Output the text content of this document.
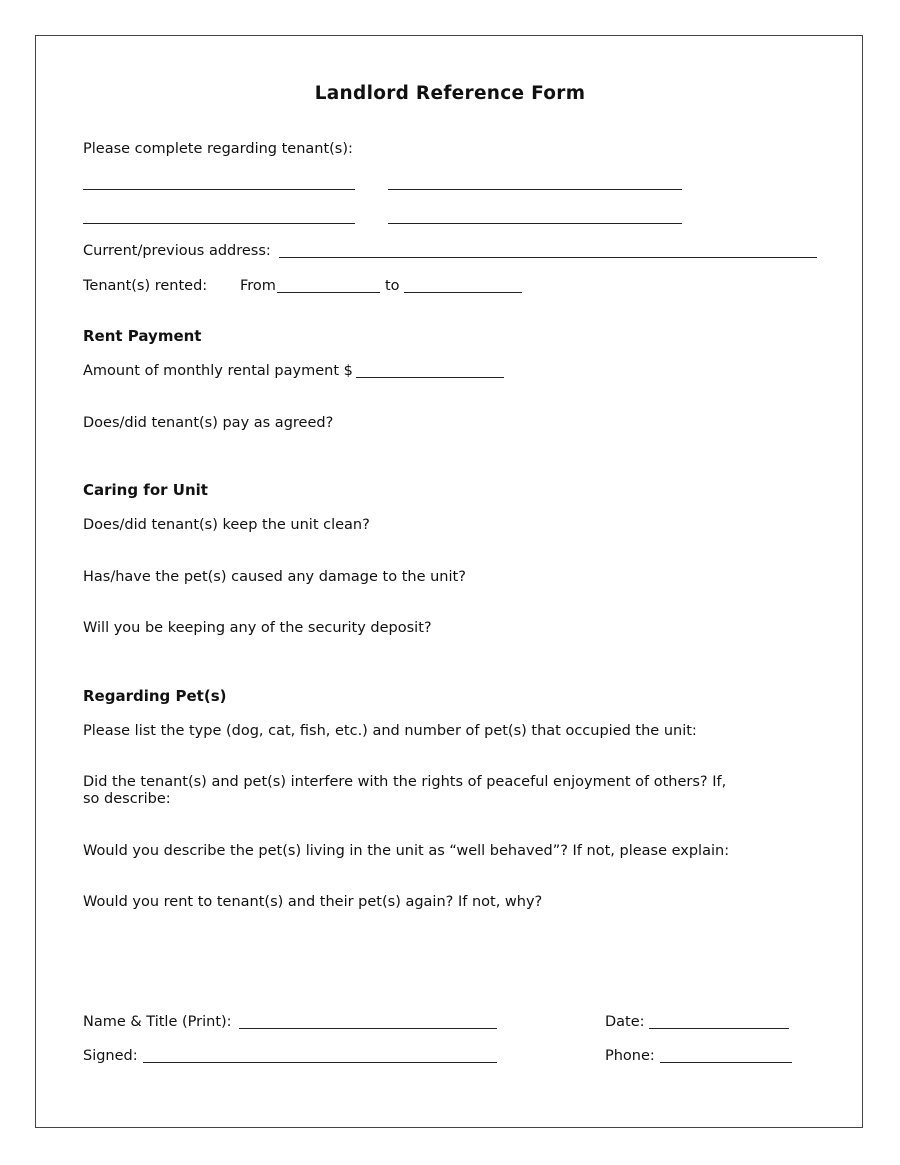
Landlord Reference Form
Please complete regarding tenant(s):
Current/previous address:
Tenant(s) rented: From	to
Rent Payment
Amount of monthly rental payment $
Does/did tenant(s) pay as agreed?
Caring for Unit
Does/did tenant(s) keep the unit clean?
Has/have the pet(s) caused any damage to the unit?
Will you be keeping any of the security deposit?
Regarding Pet(s)
Please list the type (dog, cat, fish, etc.) and number of pet(s) that occupied the unit:
Did the tenant(s) and pet(s) interfere with the rights of peaceful enjoyment of others? If,
so describe:
Would you describe the pet(s) living in the unit as “well behaved”? If not, please explain:
Would you rent to tenant(s) and their pet(s) again? If not, why?
Name & Title (Print):	Date:
Signed:	Phone:
